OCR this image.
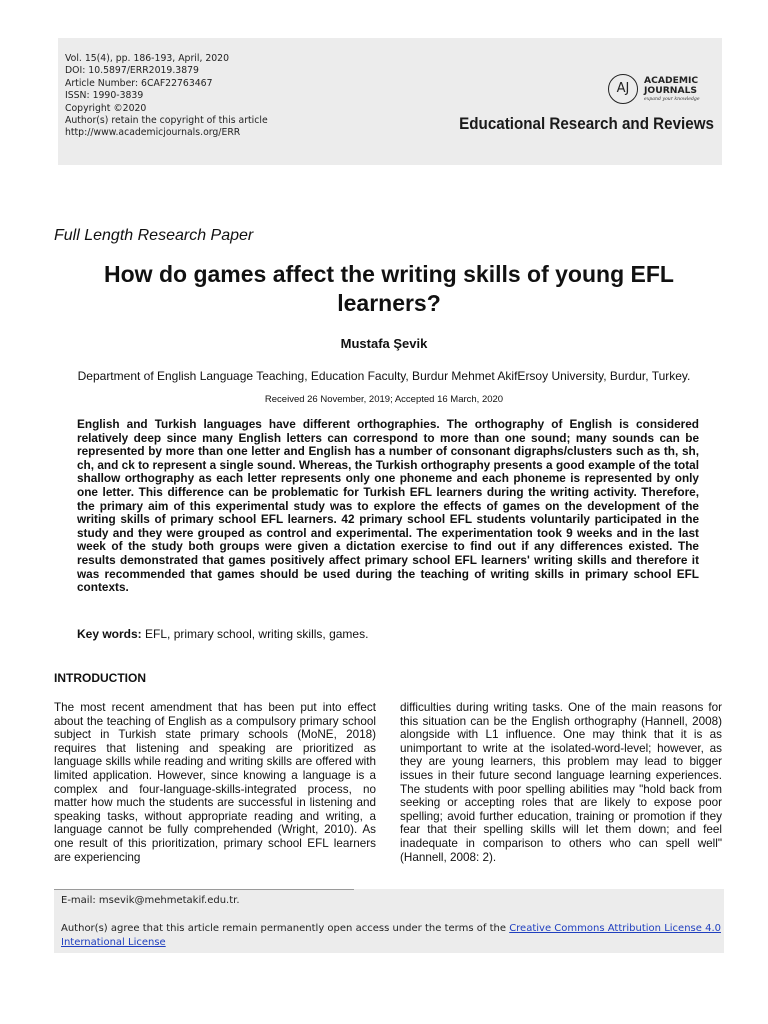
Vol. 15(4), pp. 186-193, April, 2020
DOI: 10.5897/ERR2019.3879
Article Number: 6CAF22763467
ISSN: 1990-3839
Copyright ©2020
Author(s) retain the copyright of this article
http://www.academicjournals.org/ERR
AJ
ACADEMIC
JOURNALS
expand your knowledge
Educational Research and Reviews
Full Length Research Paper
How do games affect the writing skills of young EFL learners?
Mustafa Şevik
Department of English Language Teaching, Education Faculty, Burdur Mehmet AkifErsoy University, Burdur, Turkey.
Received 26 November, 2019; Accepted 16 March, 2020
English and Turkish languages have different orthographies. The orthography of English is considered relatively deep since many English letters can correspond to more than one sound; many sounds can be represented by more than one letter and English has a number of consonant digraphs/clusters such as th, sh, ch, and ck to represent a single sound. Whereas, the Turkish orthography presents a good example of the total shallow orthography as each letter represents only one phoneme and each phoneme is represented by only one letter. This difference can be problematic for Turkish EFL learners during the writing activity. Therefore, the primary aim of this experimental study was to explore the effects of games on the development of the writing skills of primary school EFL learners. 42 primary school EFL students voluntarily participated in the study and they were grouped as control and experimental. The experimentation took 9 weeks and in the last week of the study both groups were given a dictation exercise to find out if any differences existed. The results demonstrated that games positively affect primary school EFL learners' writing skills and therefore it was recommended that games should be used during the teaching of writing skills in primary school EFL contexts.
Key words: EFL, primary school, writing skills, games.
INTRODUCTION
The most recent amendment that has been put into effect about the teaching of English as a compulsory primary school subject in Turkish state primary schools (MoNE, 2018) requires that listening and speaking are prioritized as language skills while reading and writing skills are offered with limited application. However, since knowing a language is a complex and four-language-skills-integrated process, no matter how much the students are successful in listening and speaking tasks, without appropriate reading and writing, a language cannot be fully comprehended (Wright, 2010). As one result of this prioritization, primary school EFL learners are experiencing
difficulties during writing tasks. One of the main reasons for this situation can be the English orthography (Hannell, 2008) alongside with L1 influence. One may think that it is as unimportant to write at the isolated-word-level; however, as they are young learners, this problem may lead to bigger issues in their future second language learning experiences. The students with poor spelling abilities may "hold back from seeking or accepting roles that are likely to expose poor spelling; avoid further education, training or promotion if they fear that their spelling skills will let them down; and feel inadequate in comparison to others who can spell well" (Hannell, 2008: 2).
E-mail: msevik@mehmetakif.edu.tr.
Author(s) agree that this article remain permanently open access under the terms of the Creative Commons Attribution License 4.0 International License
